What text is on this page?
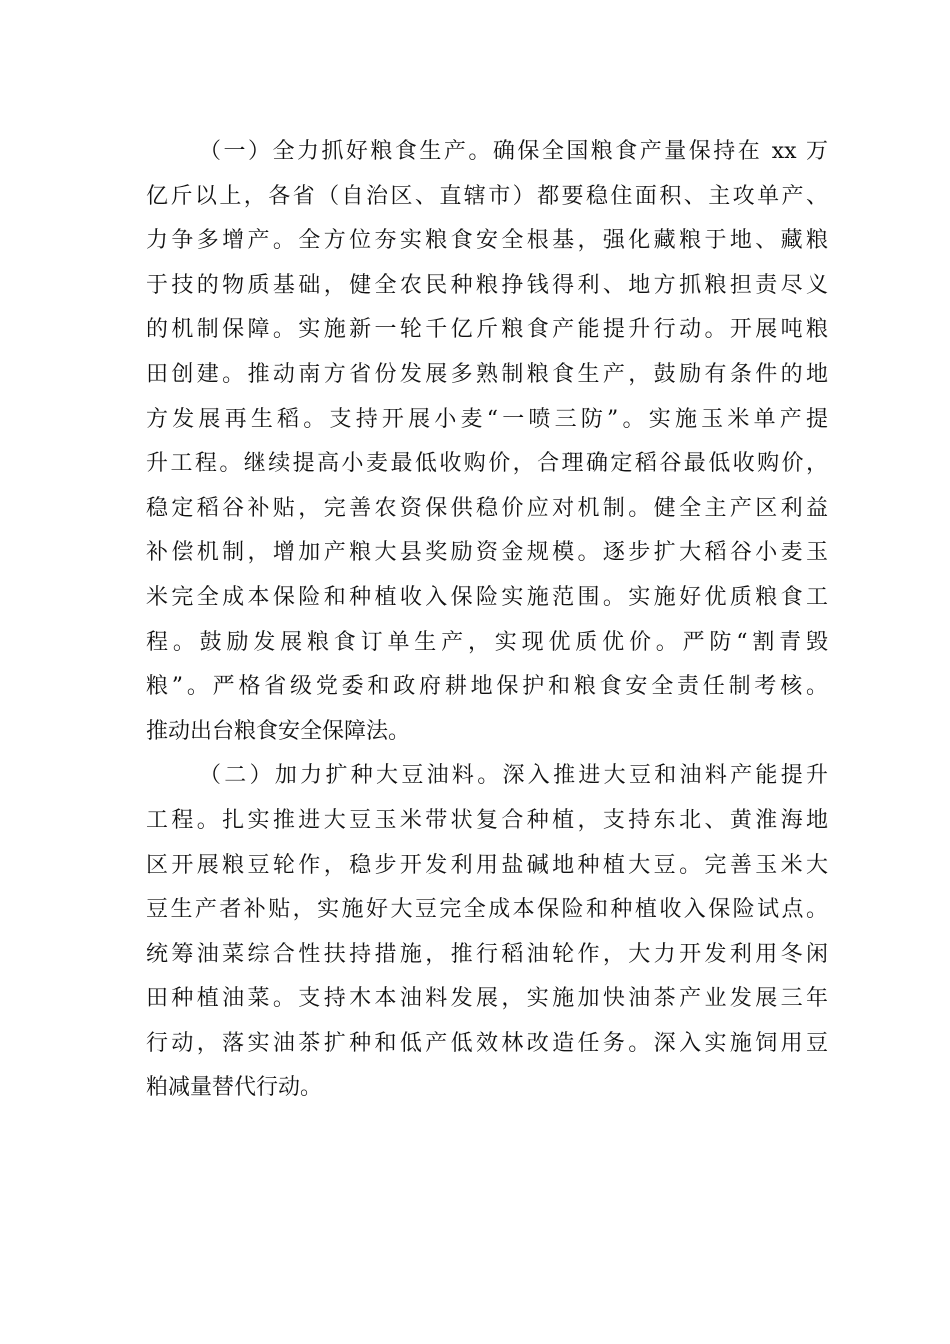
（一）全力抓好粮食生产。确保全国粮食产量保持在 xx 万
亿斤以上，各省（自治区、直辖市）都要稳住面积、主攻单产、
力争多增产。全方位夯实粮食安全根基，强化藏粮于地、藏粮
于技的物质基础，健全农民种粮挣钱得利、地方抓粮担责尽义
的机制保障。实施新一轮千亿斤粮食产能提升行动。开展吨粮
田创建。推动南方省份发展多熟制粮食生产，鼓励有条件的地
方发展再生稻。支持开展小麦“一喷三防”。实施玉米单产提
升工程。继续提高小麦最低收购价，合理确定稻谷最低收购价，
稳定稻谷补贴，完善农资保供稳价应对机制。健全主产区利益
补偿机制，增加产粮大县奖励资金规模。逐步扩大稻谷小麦玉
米完全成本保险和种植收入保险实施范围。实施好优质粮食工
程。鼓励发展粮食订单生产，实现优质优价。严防“割青毁
粮”。严格省级党委和政府耕地保护和粮食安全责任制考核。
推动出台粮食安全保障法。
（二）加力扩种大豆油料。深入推进大豆和油料产能提升
工程。扎实推进大豆玉米带状复合种植，支持东北、黄淮海地
区开展粮豆轮作，稳步开发利用盐碱地种植大豆。完善玉米大
豆生产者补贴，实施好大豆完全成本保险和种植收入保险试点。
统筹油菜综合性扶持措施，推行稻油轮作，大力开发利用冬闲
田种植油菜。支持木本油料发展，实施加快油茶产业发展三年
行动，落实油茶扩种和低产低效林改造任务。深入实施饲用豆
粕减量替代行动。
